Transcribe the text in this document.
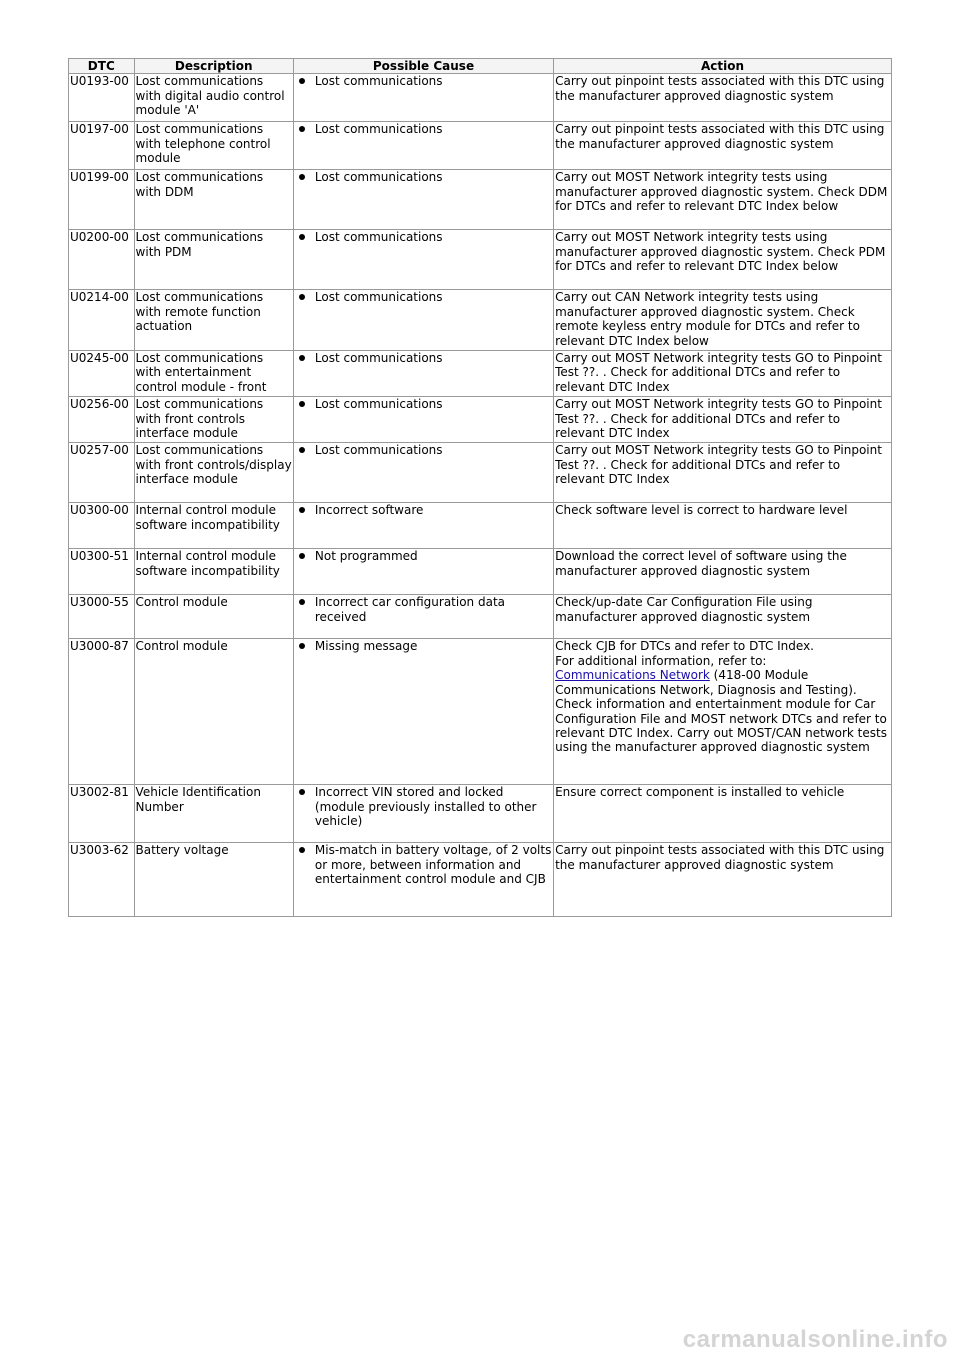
DTC	Description	Possible Cause	Action
U0193-00	Lost communications with digital audio control module 'A'	Lost communications	Carry out pinpoint tests associated with this DTC using the manufacturer approved diagnostic system
U0197-00	Lost communications with telephone control module	Lost communications	Carry out pinpoint tests associated with this DTC using the manufacturer approved diagnostic system
U0199-00	Lost communications with DDM	Lost communications	Carry out MOST Network integrity tests using manufacturer approved diagnostic system. Check DDM for DTCs and refer to relevant DTC Index below
U0200-00	Lost communications with PDM	Lost communications	Carry out MOST Network integrity tests using manufacturer approved diagnostic system. Check PDM for DTCs and refer to relevant DTC Index below
U0214-00	Lost communications with remote function actuation	Lost communications	Carry out CAN Network integrity tests using manufacturer approved diagnostic system. Check remote keyless entry module for DTCs and refer to relevant DTC Index below
U0245-00	Lost communications with entertainment control module - front	Lost communications	Carry out MOST Network integrity tests GO to Pinpoint Test ??. . Check for additional DTCs and refer to relevant DTC Index
U0256-00	Lost communications with front controls interface module	Lost communications	Carry out MOST Network integrity tests GO to Pinpoint Test ??. . Check for additional DTCs and refer to relevant DTC Index
U0257-00	Lost communications with front controls/display interface module	Lost communications	Carry out MOST Network integrity tests GO to Pinpoint Test ??. . Check for additional DTCs and refer to relevant DTC Index
U0300-00	Internal control module software incompatibility	Incorrect software	Check software level is correct to hardware level
U0300-51	Internal control module software incompatibility	Not programmed	Download the correct level of software using the manufacturer approved diagnostic system
U3000-55	Control module	Incorrect car configuration data received	Check/up-date Car Configuration File using manufacturer approved diagnostic system
U3000-87	Control module	Missing message	Check CJB for DTCs and refer to DTC Index.
For additional information, refer to:
Communications Network (418-00 Module Communications Network, Diagnosis and Testing).
Check information and entertainment module for Car Configuration File and MOST network DTCs and refer to relevant DTC Index. Carry out MOST/CAN network tests using the manufacturer approved diagnostic system

U3002-81	Vehicle Identification Number	Incorrect VIN stored and locked (module previously installed to other vehicle)	Ensure correct component is installed to vehicle
U3003-62	Battery voltage	Mis-match in battery voltage, of 2 volts or more, between information and entertainment control module and CJB	Carry out pinpoint tests associated with this DTC using the manufacturer approved diagnostic system
carmanualsonline.info
